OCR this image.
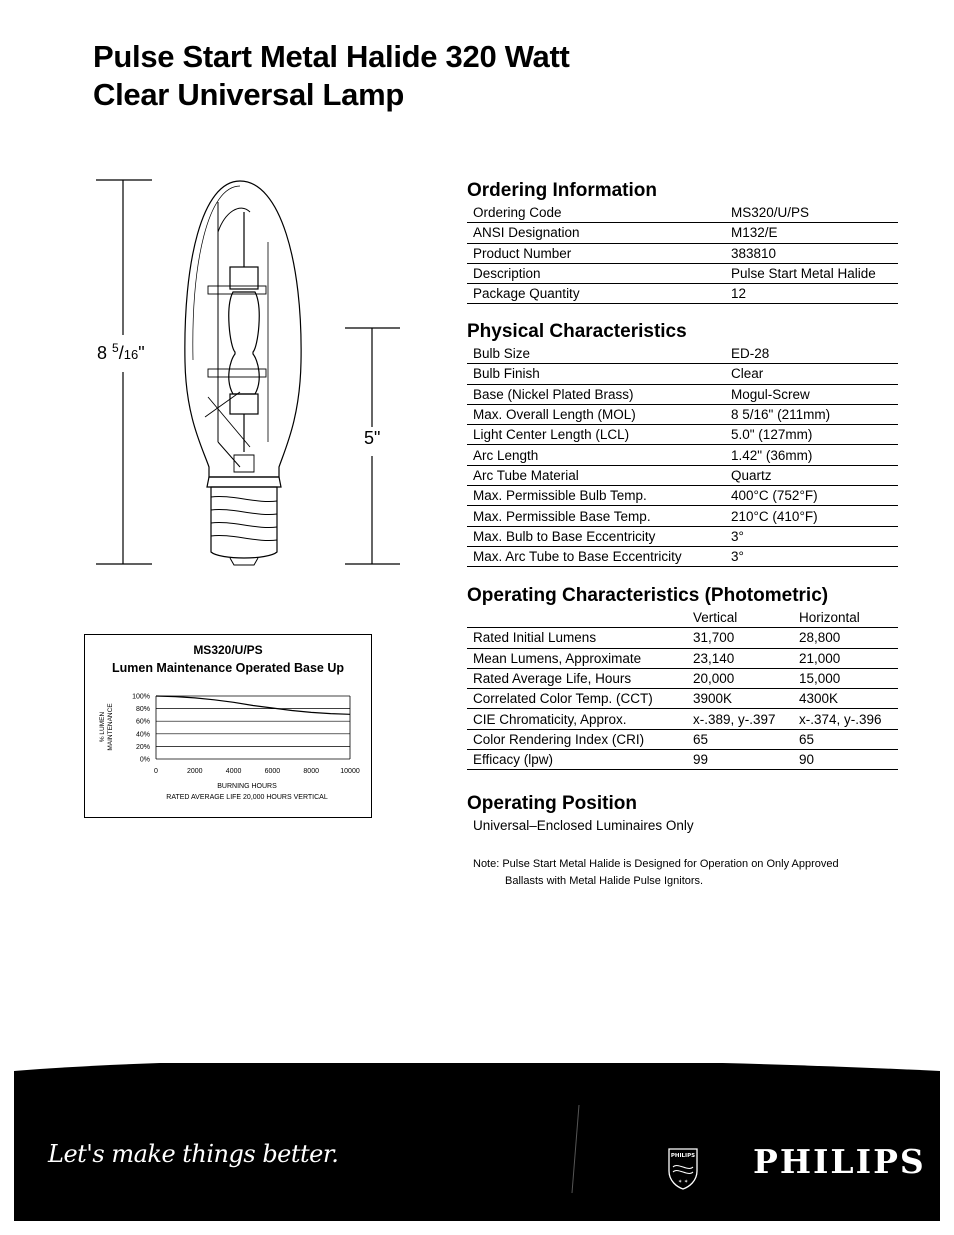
Pulse Start Metal Halide 320 Watt
Clear Universal Lamp
8 $^5$/16"
5"
Ordering Information
Ordering Code	MS320/U/PS
ANSI Designation	M132/E
Product Number	383810
Description	Pulse Start Metal Halide
Package Quantity	12
Physical Characteristics
Bulb Size	ED-28
Bulb Finish	Clear
Base (Nickel Plated Brass)	Mogul-Screw
Max. Overall Length (MOL)	8 5/16" (211mm)
Light Center Length (LCL)	5.0" (127mm)
Arc Length	1.42" (36mm)
Arc Tube Material	Quartz
Max. Permissible Bulb Temp.	400°C (752°F)
Max. Permissible Base Temp.	210°C (410°F)
Max. Bulb to Base Eccentricity	3°
Max. Arc Tube to Base Eccentricity	3°
Operating Characteristics (Photometric)
	Vertical	Horizontal
Rated Initial Lumens	31,700	28,800
Mean Lumens, Approximate	23,140	21,000
Rated Average Life, Hours	20,000	15,000
Correlated Color Temp. (CCT)	3900K	4300K
CIE Chromaticity, Approx.	x-.389, y-.397	x-.374, y-.396
Color Rendering Index (CRI)	65	65
Efficacy (lpw)	99	90
Operating Position
Universal–Enclosed Luminaires Only
Note: Pulse Start Metal Halide is Designed for Operation on Only Approved
Ballasts with Metal Halide Pulse Ignitors.
MS320/U/PS
Lumen Maintenance Operated Base Up
100%
80%
60%
40%
20%
0%
0	2000	4000	6000	8000	10000
BURNING HOURS
RATED AVERAGE LIFE 20,000 HOURS VERTICAL
% LUMEN MAINTENANCE
PHILIPS
✶ ✶
Let's make things better.	PHILIPS
